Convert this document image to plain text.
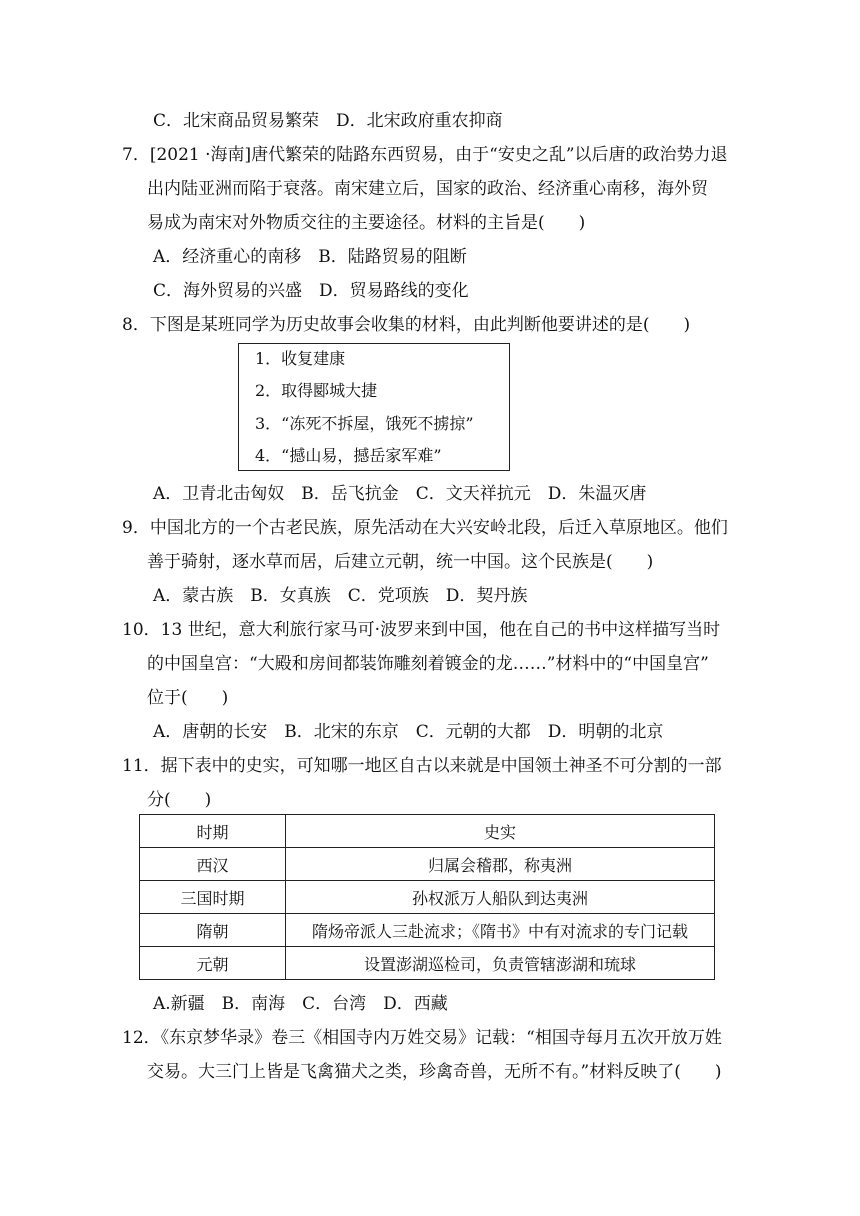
C．北宋商品贸易繁荣　D．北宋政府重农抑商
7．[2021 ·海南]唐代繁荣的陆路东西贸易，由于“安史之乱”以后唐的政治势力退
出内陆亚洲而陷于衰落。南宋建立后，国家的政治、经济重心南移，海外贸
易成为南宋对外物质交往的主要途径。材料的主旨是(　　)
A．经济重心的南移　B．陆路贸易的阻断
C．海外贸易的兴盛　D．贸易路线的变化
8．下图是某班同学为历史故事会收集的材料，由此判断他要讲述的是(　　)
1．收复建康
2．取得郾城大捷
3．“冻死不拆屋，饿死不掳掠”
4．“撼山易，撼岳家军难”
A．卫青北击匈奴　B．岳飞抗金　C．文天祥抗元　D．朱温灭唐
9．中国北方的一个古老民族，原先活动在大兴安岭北段，后迁入草原地区。他们
善于骑射，逐水草而居，后建立元朝，统一中国。这个民族是(　　)
A．蒙古族　B．女真族　C．党项族　D．契丹族
10．13 世纪，意大利旅行家马可·波罗来到中国，他在自己的书中这样描写当时
的中国皇宫：“大殿和房间都装饰雕刻着镀金的龙……”材料中的“中国皇宫”
位于(　　)
A．唐朝的长安　B．北宋的东京　C．元朝的大都　D．明朝的北京
11．据下表中的史实，可知哪一地区自古以来就是中国领土神圣不可分割的一部
分(　　)
时期	史实
西汉	归属会稽郡，称夷洲
三国时期	孙权派万人船队到达夷洲
隋朝	隋炀帝派人三赴流求；《隋书》中有对流求的专门记载
元朝	设置澎湖巡检司，负责管辖澎湖和琉球
A.新疆　B．南海　C．台湾　D．西藏
12．《东京梦华录》卷三《相国寺内万姓交易》记载：“相国寺每月五次开放万姓
交易。大三门上皆是飞禽猫犬之类，珍禽奇兽，无所不有。”材料反映了(　　)
